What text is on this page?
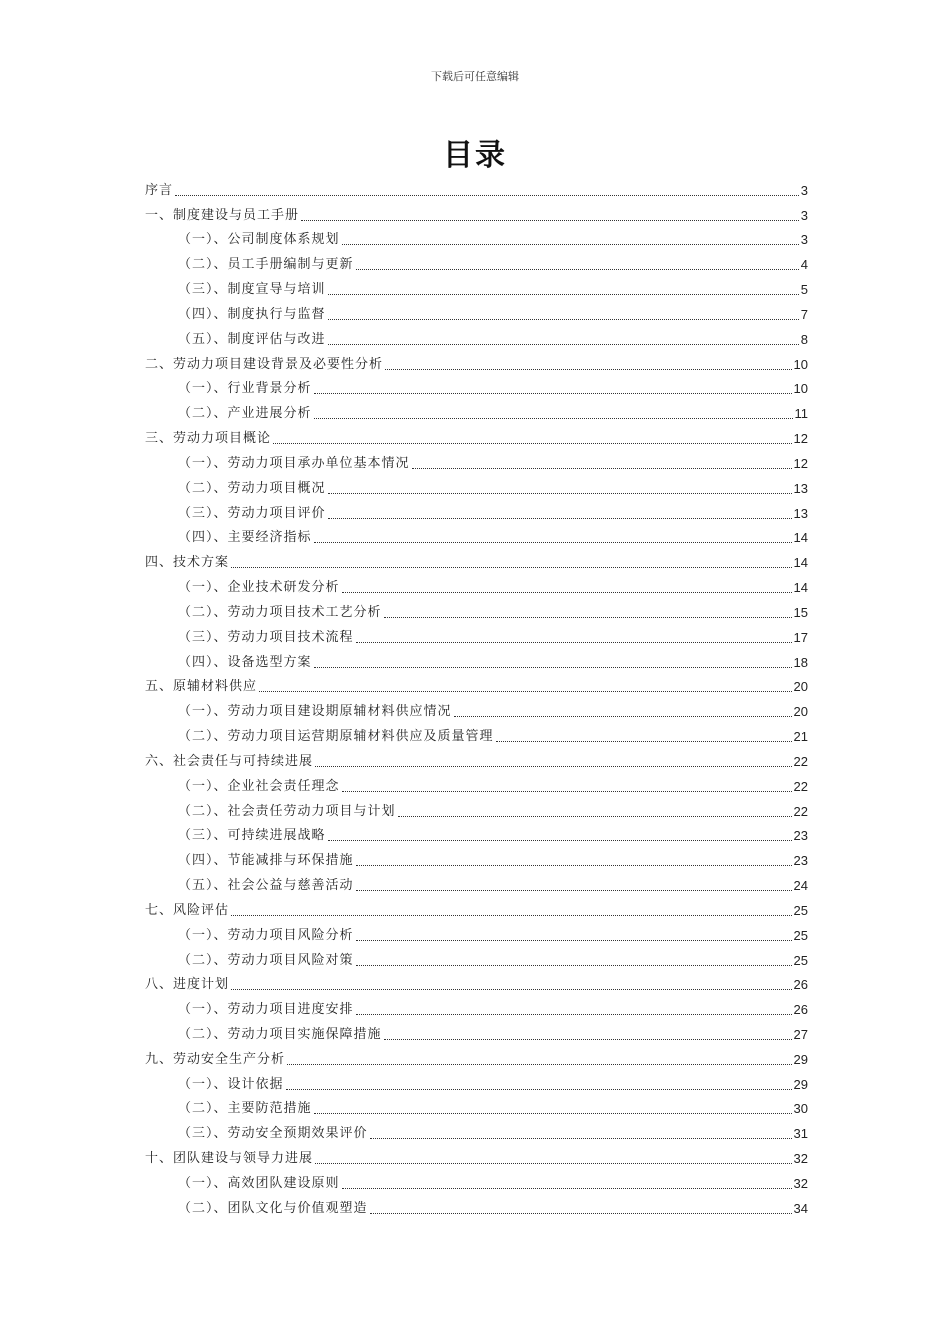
下载后可任意编辑
目录
序言	3
一、制度建设与员工手册	3
（一）、公司制度体系规划	3
（二）、员工手册编制与更新	4
（三）、制度宣导与培训	5
（四）、制度执行与监督	7
（五）、制度评估与改进	8
二、劳动力项目建设背景及必要性分析	10
（一）、行业背景分析	10
（二）、产业进展分析	11
三、劳动力项目概论	12
（一）、劳动力项目承办单位基本情况	12
（二）、劳动力项目概况	13
（三）、劳动力项目评价	13
（四）、主要经济指标	14
四、技术方案	14
（一）、企业技术研发分析	14
（二）、劳动力项目技术工艺分析	15
（三）、劳动力项目技术流程	17
（四）、设备选型方案	18
五、原辅材料供应	20
（一）、劳动力项目建设期原辅材料供应情况	20
（二）、劳动力项目运营期原辅材料供应及质量管理	21
六、社会责任与可持续进展	22
（一）、企业社会责任理念	22
（二）、社会责任劳动力项目与计划	22
（三）、可持续进展战略	23
（四）、节能减排与环保措施	23
（五）、社会公益与慈善活动	24
七、风险评估	25
（一）、劳动力项目风险分析	25
（二）、劳动力项目风险对策	25
八、进度计划	26
（一）、劳动力项目进度安排	26
（二）、劳动力项目实施保障措施	27
九、劳动安全生产分析	29
（一）、设计依据	29
（二）、主要防范措施	30
（三）、劳动安全预期效果评价	31
十、团队建设与领导力进展	32
（一）、高效团队建设原则	32
（二）、团队文化与价值观塑造	34
